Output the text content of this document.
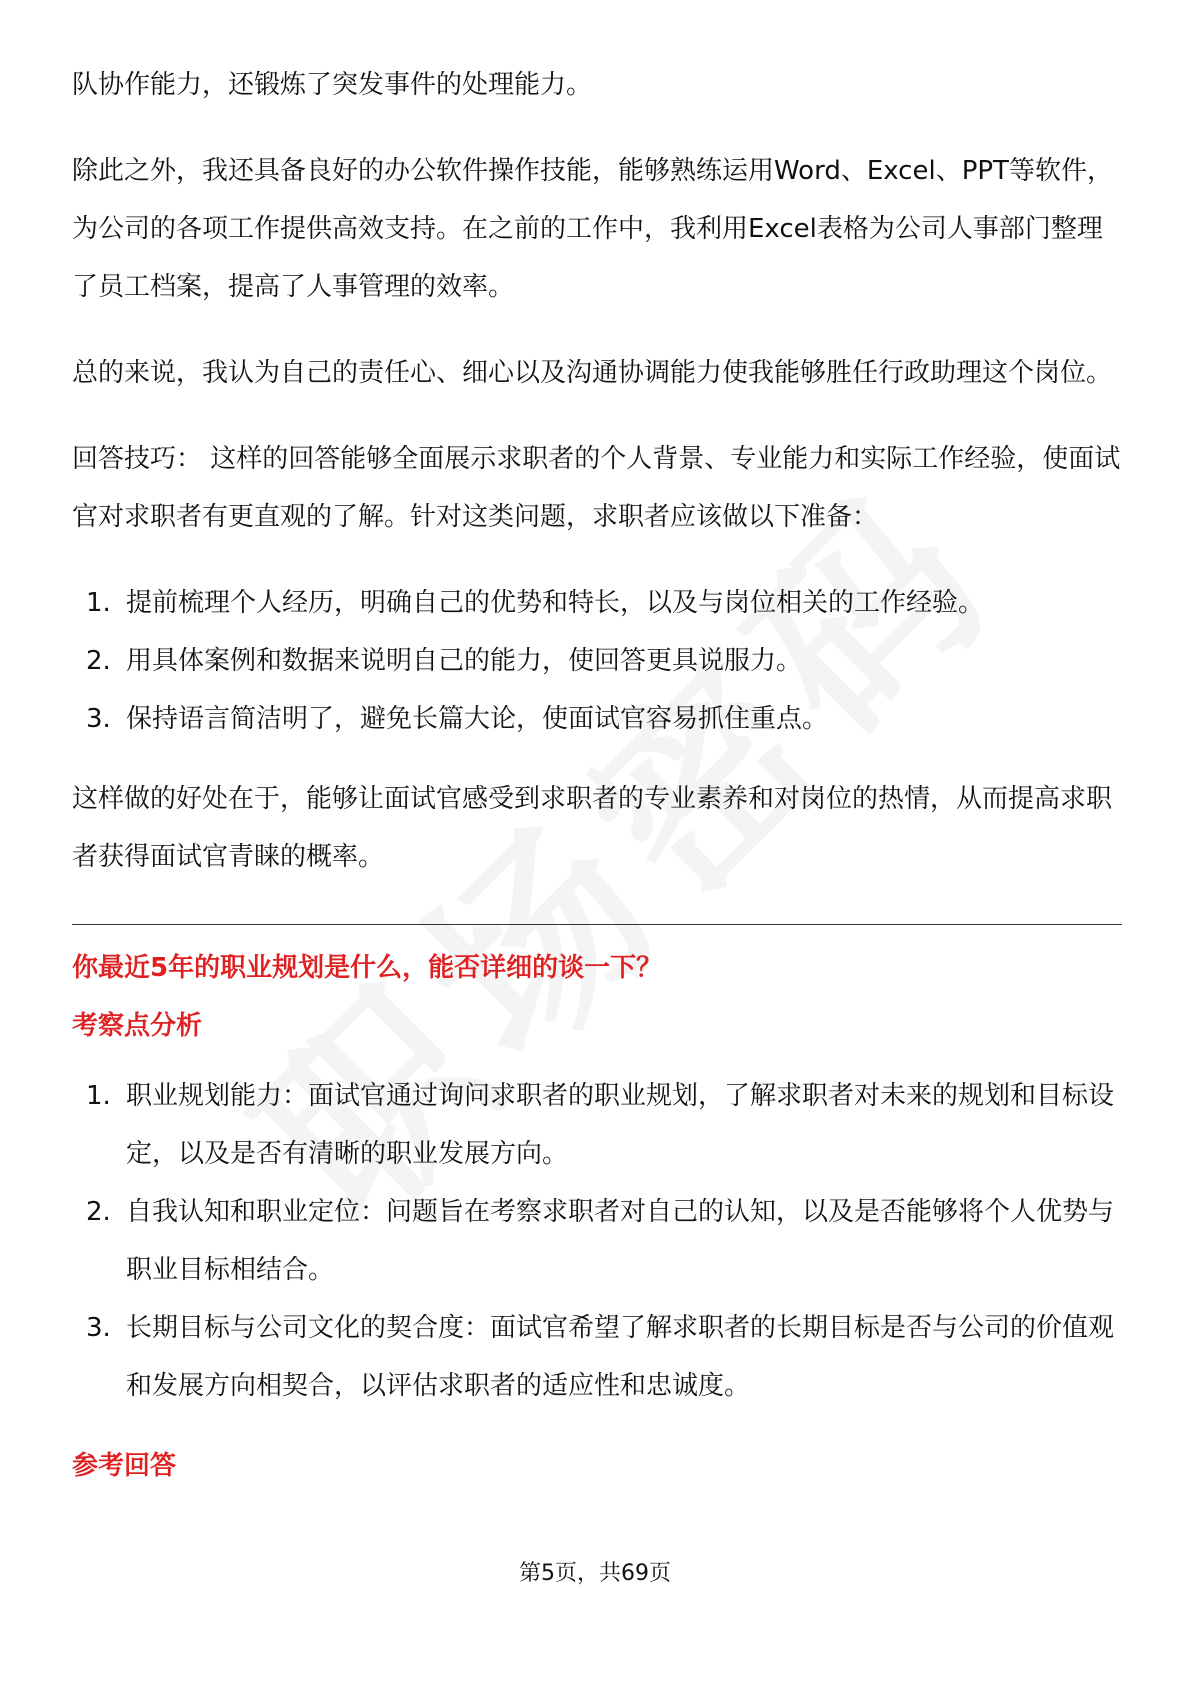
队协作能力，还锻炼了突发事件的处理能力。

除此之外，我还具备良好的办公软件操作技能，能够熟练运用Word、Excel、PPT等软件，为公司的各项工作提供高效支持。在之前的工作中，我利用Excel表格为公司人事部门整理了员工档案，提高了人事管理的效率。

总的来说，我认为自己的责任心、细心以及沟通协调能力使我能够胜任行政助理这个岗位。

回答技巧： 这样的回答能够全面展示求职者的个人背景、专业能力和实际工作经验，使面试官对求职者有更直观的了解。针对这类问题，求职者应该做以下准备：

1. 提前梳理个人经历，明确自己的优势和特长，以及与岗位相关的工作经验。
2. 用具体案例和数据来说明自己的能力，使回答更具说服力。
3. 保持语言简洁明了，避免长篇大论，使面试官容易抓住重点。

这样做的好处在于，能够让面试官感受到求职者的专业素养和对岗位的热情，从而提高求职者获得面试官青睐的概率。

你最近5年的职业规划是什么，能否详细的谈一下？
考察点分析
1. 职业规划能力：面试官通过询问求职者的职业规划，了解求职者对未来的规划和目标设定，以及是否有清晰的职业发展方向。
2. 自我认知和职业定位：问题旨在考察求职者对自己的认知，以及是否能够将个人优势与职业目标相结合。
3. 长期目标与公司文化的契合度：面试官希望了解求职者的长期目标是否与公司的价值观和发展方向相契合，以评估求职者的适应性和忠诚度。
参考回答
第5页，共69页
